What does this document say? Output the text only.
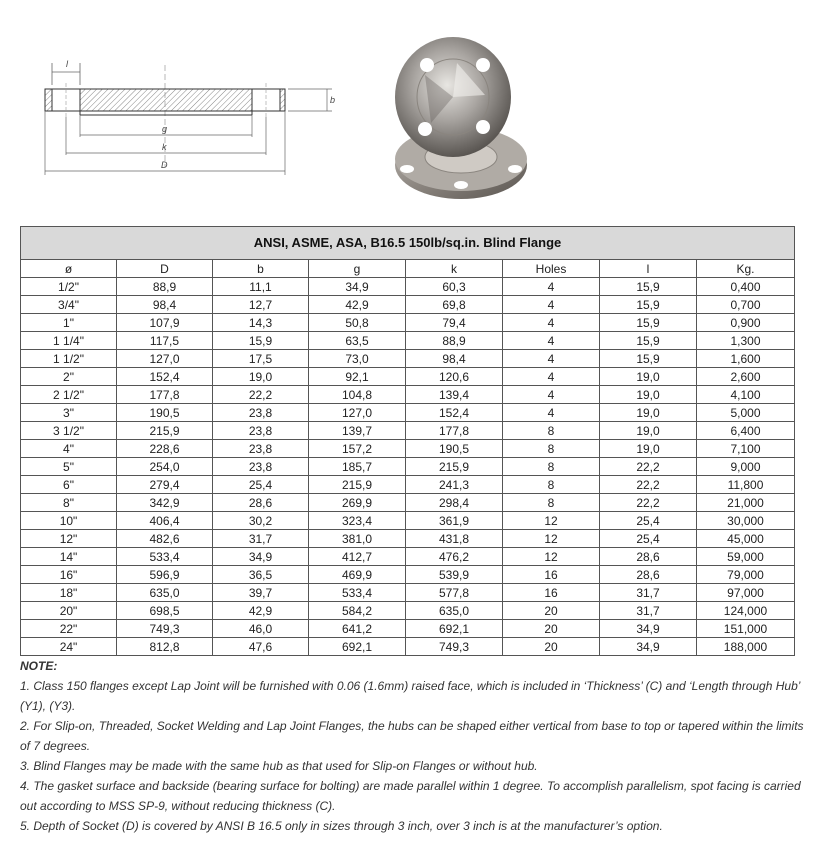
l
b
g
k
D
ANSI, ASME, ASA, B16.5 150lb/sq.in. Blind Flange							
ø	D	b	g	k	Holes	l	Kg.
1/2"	88,9	11,1	34,9	60,3	4	15,9	0,400
3/4"	98,4	12,7	42,9	69,8	4	15,9	0,700
1"	107,9	14,3	50,8	79,4	4	15,9	0,900
1 1/4"	117,5	15,9	63,5	88,9	4	15,9	1,300
1 1/2"	127,0	17,5	73,0	98,4	4	15,9	1,600
2"	152,4	19,0	92,1	120,6	4	19,0	2,600
2 1/2"	177,8	22,2	104,8	139,4	4	19,0	4,100
3"	190,5	23,8	127,0	152,4	4	19,0	5,000
3 1/2"	215,9	23,8	139,7	177,8	8	19,0	6,400
4"	228,6	23,8	157,2	190,5	8	19,0	7,100
5"	254,0	23,8	185,7	215,9	8	22,2	9,000
6"	279,4	25,4	215,9	241,3	8	22,2	11,800
8"	342,9	28,6	269,9	298,4	8	22,2	21,000
10"	406,4	30,2	323,4	361,9	12	25,4	30,000
12"	482,6	31,7	381,0	431,8	12	25,4	45,000
14"	533,4	34,9	412,7	476,2	12	28,6	59,000
16"	596,9	36,5	469,9	539,9	16	28,6	79,000
18"	635,0	39,7	533,4	577,8	16	31,7	97,000
20"	698,5	42,9	584,2	635,0	20	31,7	124,000
22"	749,3	46,0	641,2	692,1	20	34,9	151,000
24"	812,8	47,6	692,1	749,3	20	34,9	188,000
NOTE:

1. Class 150 flanges except Lap Joint will be furnished with 0.06 (1.6mm) raised face, which is included in ‘Thickness’ (C) and ‘Length through Hub’ (Y1), (Y3).

2. For Slip-on, Threaded, Socket Welding and Lap Joint Flanges, the hubs can be shaped either vertical from base to top or tapered within the limits of 7 degrees.

3. Blind Flanges may be made with the same hub as that used for Slip-on Flanges or without hub.

4. The gasket surface and backside (bearing surface for bolting) are made parallel within 1 degree. To accomplish parallelism, spot facing is carried out according to MSS SP-9, without reducing thickness (C).

5. Depth of Socket (D) is covered by ANSI B 16.5 only in sizes through 3 inch, over 3 inch is at the manufacturer’s option.
